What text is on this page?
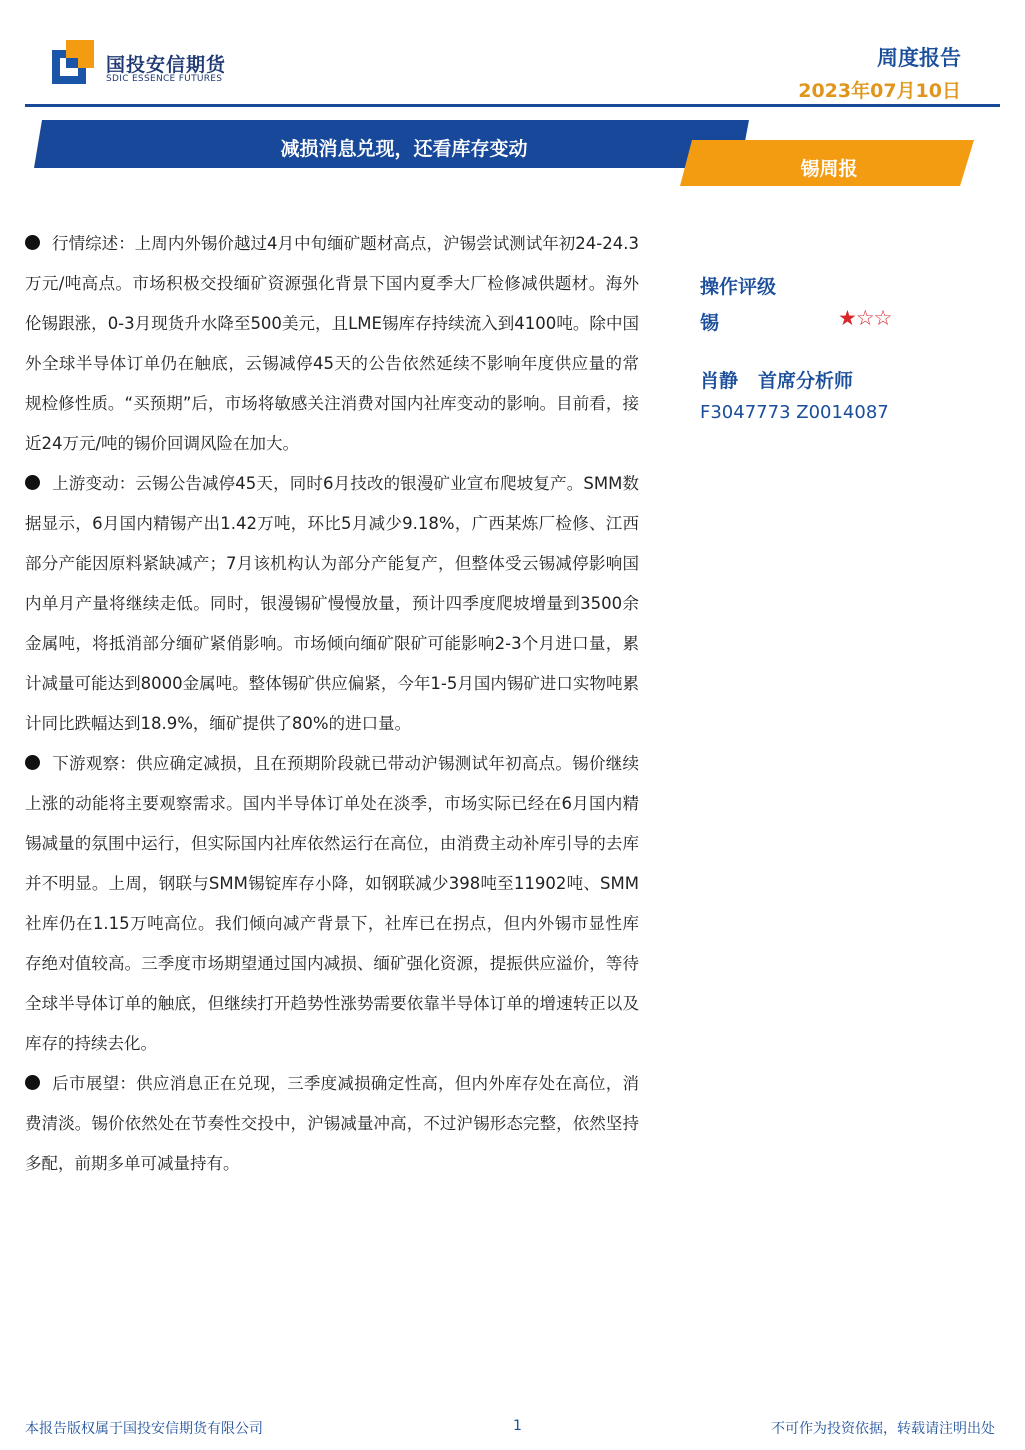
国投安信期货
SDIC ESSENCE FUTURES
周度报告
2023年07月10日
减损消息兑现，还看库存变动
锡周报

行情综述：上周内外锡价越过4月中旬缅矿题材高点，沪锡尝试测试年初24-24.3万元/吨高点。市场积极交投缅矿资源强化背景下国内夏季大厂检修减供题材。海外伦锡跟涨，0-3月现货升水降至500美元，且LME锡库存持续流入到4100吨。除中国外全球半导体订单仍在触底，云锡减停45天的公告依然延续不影响年度供应量的常规检修性质。“买预期”后，市场将敏感关注消费对国内社库变动的影响。目前看，接近24万元/吨的锡价回调风险在加大。

上游变动：云锡公告减停45天，同时6月技改的银漫矿业宣布爬坡复产。SMM数据显示，6月国内精锡产出1.42万吨，环比5月减少9.18%，广西某炼厂检修、江西部分产能因原料紧缺减产；7月该机构认为部分产能复产，但整体受云锡减停影响国内单月产量将继续走低。同时，银漫锡矿慢慢放量，预计四季度爬坡增量到3500余金属吨，将抵消部分缅矿紧俏影响。市场倾向缅矿限矿可能影响2-3个月进口量，累计减量可能达到8000金属吨。整体锡矿供应偏紧，今年1-5月国内锡矿进口实物吨累计同比跌幅达到18.9%，缅矿提供了80%的进口量。

下游观察：供应确定减损，且在预期阶段就已带动沪锡测试年初高点。锡价继续上涨的动能将主要观察需求。国内半导体订单处在淡季，市场实际已经在6月国内精锡减量的氛围中运行，但实际国内社库依然运行在高位，由消费主动补库引导的去库并不明显。上周，钢联与SMM锡锭库存小降，如钢联减少398吨至11902吨、SMM社库仍在1.15万吨高位。我们倾向减产背景下，社库已在拐点，但内外锡市显性库存绝对值较高。三季度市场期望通过国内减损、缅矿强化资源，提振供应溢价，等待全球半导体订单的触底，但继续打开趋势性涨势需要依靠半导体订单的增速转正以及库存的持续去化。

后市展望：供应消息正在兑现，三季度减损确定性高，但内外库存处在高位，消费清淡。锡价依然处在节奏性交投中，沪锡减量冲高，不过沪锡形态完整，依然坚持多配，前期多单可减量持有。

操作评级
锡	★☆☆
肖静 首席分析师
F3047773 Z0014087
本报告版权属于国投安信期货有限公司	1	不可作为投资依据，转载请注明出处
